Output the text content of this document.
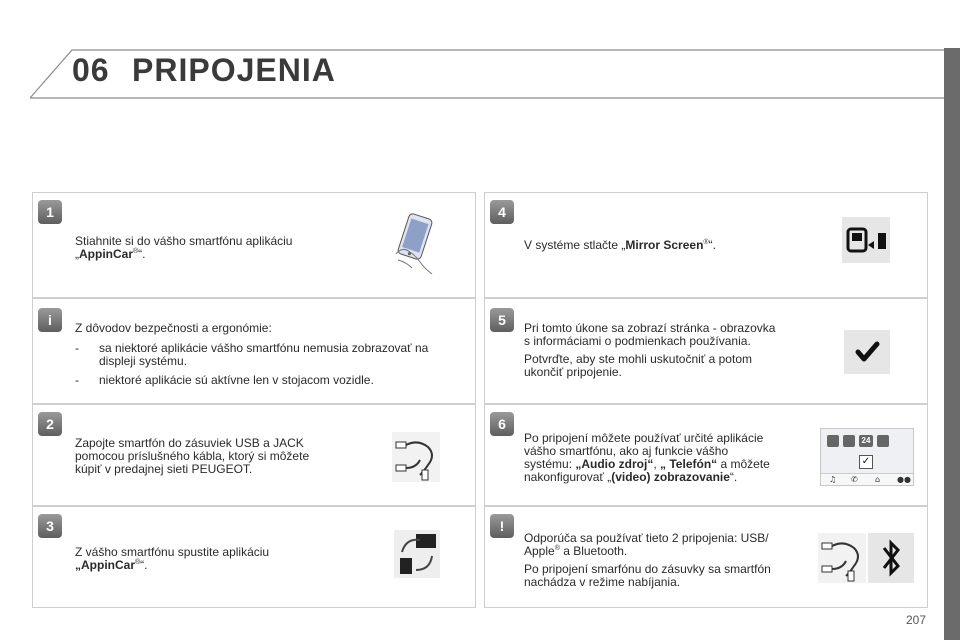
06 PRIPOJENIA
1
Stiahnite si do vášho smartfónu aplikáciu
„AppinCar®“.
i	Z dôvodov bezpečnosti a ergonómie:
- sa niektoré aplikácie vášho smartfónu nemusia zobrazovať na
displeji systému.
- niektoré aplikácie sú aktívne len v stojacom vozidle.
2
Zapojte smartfón do zásuviek USB a JACK
pomocou príslušného kábla, ktorý si môžete
kúpiť v predajnej sieti PEUGEOT.
3
Z vášho smartfónu spustite aplikáciu
„AppinCar®“.
4
V systéme stlačte „Mirror Screen®“.
5	Pri tomto úkone sa zobrazí stránka - obrazovka
s informáciami o podmienkach používania.
Potvrďte, aby ste mohli uskutočniť a potom
ukončiť pripojenie.
6
Po pripojení môžete používať určité aplikácie
vášho smartfónu, ako aj funkcie vášho
systému: „Audio zdroj“, „ Telefón“ a môžete
nakonfigurovať „(video) zobrazovanie“.
24
✓
♫ ✆ ⌂ ●●
!
Odporúča sa používať tieto 2 pripojenia: USB/
Apple® a Bluetooth.
Po pripojení smarfónu do zásuvky sa smartfón
nachádza v režime nabíjania.
207
